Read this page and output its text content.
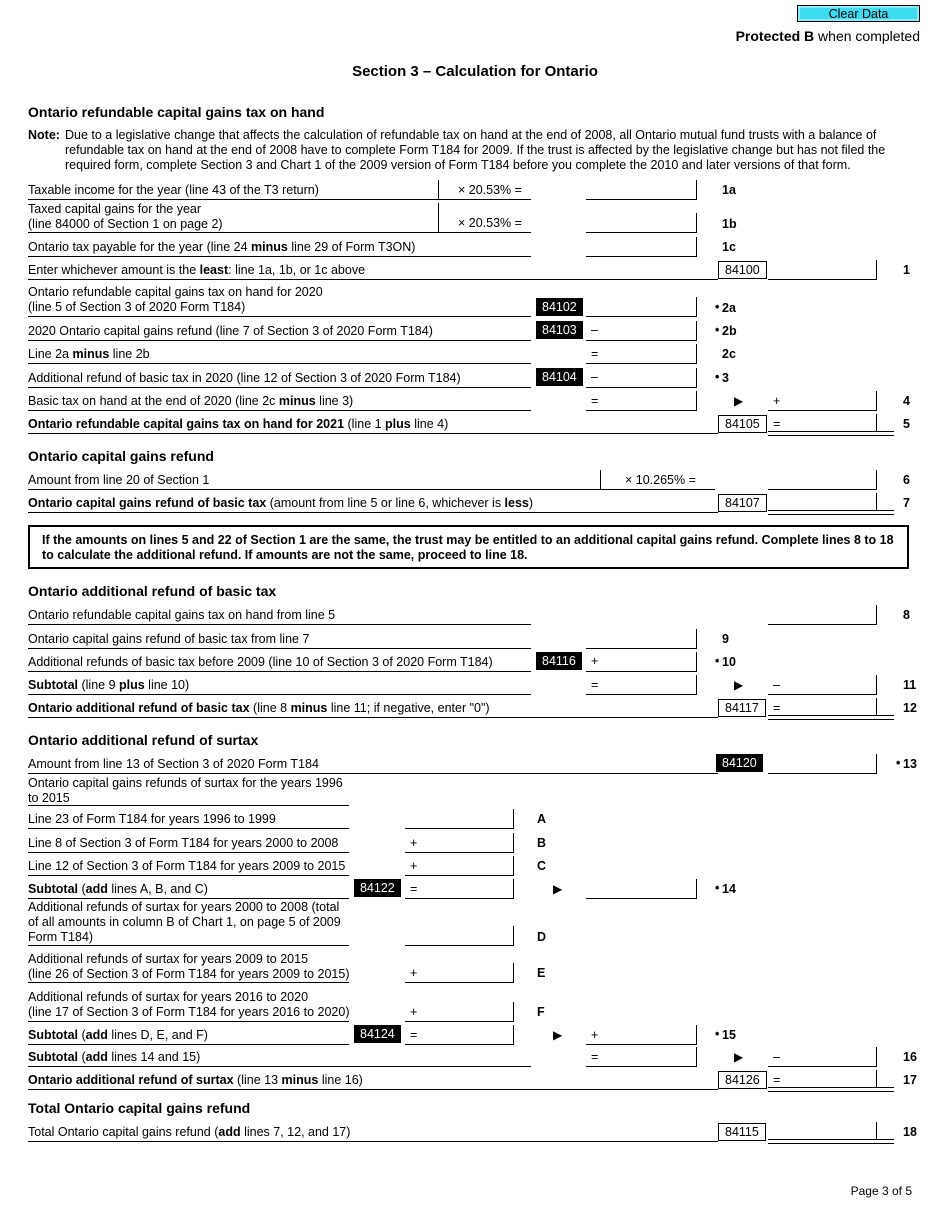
Clear Data
Protected B when completed
Section 3 – Calculation for Ontario
Ontario refundable capital gains tax on hand
Note: Due to a legislative change that affects the calculation of refundable tax on hand at the end of 2008, all Ontario mutual fund trusts with a balance of refundable tax on hand at the end of 2008 have to complete Form T184 for 2009. If the trust is affected by the legislative change but has not filed the required form, complete Section 3 and Chart 1 of the 2009 version of Form T184 before you complete the 2010 and later versions of that form.
Taxable income for the year (line 43 of the T3 return)	× 20.53% =	1a
Taxed capital gains for the year
(line 84000 of Section 1 on page 2)	× 20.53% =	1b
Ontario tax payable for the year (line 24 minus line 29 of Form T3ON)	1c
Enter whichever amount is the least: line 1a, 1b, or 1c above	84100	1
Ontario refundable capital gains tax on hand for 2020
(line 5 of Section 3 of 2020 Form T184)	84102	• 2a
2020 Ontario capital gains refund (line 7 of Section 3 of 2020 Form T184)	84103	–	• 2b
Line 2a minus line 2b	=	2c
Additional refund of basic tax in 2020 (line 12 of Section 3 of 2020 Form T184)	84104	–	• 3
Basic tax on hand at the end of 2020 (line 2c minus line 3)	=	▶ +	4
Ontario refundable capital gains tax on hand for 2021 (line 1 plus line 4)	84105	=	5
Ontario capital gains refund
Amount from line 20 of Section 1	× 10.265% =	6
Ontario capital gains refund of basic tax (amount from line 5 or line 6, whichever is less)	84107	7
If the amounts on lines 5 and 22 of Section 1 are the same, the trust may be entitled to an additional capital gains refund. Complete lines 8 to 18 to calculate the additional refund. If amounts are not the same, proceed to line 18.
Ontario additional refund of basic tax
Ontario refundable capital gains tax on hand from line 5	8
Ontario capital gains refund of basic tax from line 7	9
Additional refunds of basic tax before 2009 (line 10 of Section 3 of 2020 Form T184)	84116	+	• 10
Subtotal (line 9 plus line 10)	=	▶ –	11
Ontario additional refund of basic tax (line 8 minus line 11; if negative, enter "0")	84117	=	12
Ontario additional refund of surtax
Amount from line 13 of Section 3 of 2020 Form T184	84120	• 13
Ontario capital gains refunds of surtax for the years 1996
to 2015
Line 23 of Form T184 for years 1996 to 1999	A
Line 8 of Section 3 of Form T184 for years 2000 to 2008	+	B
Line 12 of Section 3 of Form T184 for years 2009 to 2015	+	C
Subtotal (add lines A, B, and C)	84122	=	▶	• 14
Additional refunds of surtax for years 2000 to 2008 (total
of all amounts in column B of Chart 1, on page 5 of 2009
Form T184)	D
Additional refunds of surtax for years 2009 to 2015
(line 26 of Section 3 of Form T184 for years 2009 to 2015)	+	E
Additional refunds of surtax for years 2016 to 2020
(line 17 of Section 3 of Form T184 for years 2016 to 2020)	+	F
Subtotal (add lines D, E, and F)	84124	=	▶ +	• 15
Subtotal (add lines 14 and 15)	=	▶ –	16
Ontario additional refund of surtax (line 13 minus line 16)	84126	=	17
Total Ontario capital gains refund
Total Ontario capital gains refund (add lines 7, 12, and 17)	84115	18
Page 3 of 5
